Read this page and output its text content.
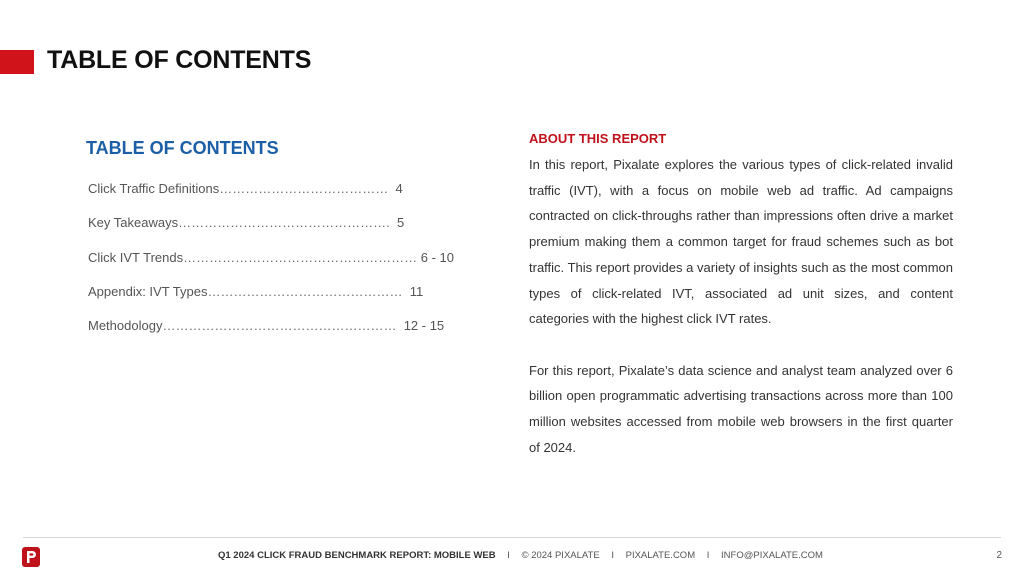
TABLE OF CONTENTS
TABLE OF CONTENTS
Click Traffic Definitions …………………………………
4
Key Takeaways ………………………………………….
5
Click IVT Trends ………………………………………………
6 - 10
Appendix: IVT Types ………………………………………
11
Methodology ………………………………………………
12 - 15
ABOUT THIS REPORT

In this report, Pixalate explores the various types of click-related invalid traffic (IVT), with a focus on mobile web ad traffic. Ad campaigns contracted on click-throughs rather than impressions often drive a market premium making them a common target for fraud schemes such as bot traffic. This report provides a variety of insights such as the most common types of click-related IVT, associated ad unit sizes, and content categories with the highest click IVT rates.

For this report, Pixalate’s data science and analyst team analyzed over 6 billion open programmatic advertising transactions across more than 100 million websites accessed from mobile web browsers in the first quarter of 2024.

Q1 2024 CLICK FRAUD BENCHMARK REPORT: MOBILE WEB I © 2024 PIXALATE I PIXALATE.COM I INFO@PIXALATE.COM	2
